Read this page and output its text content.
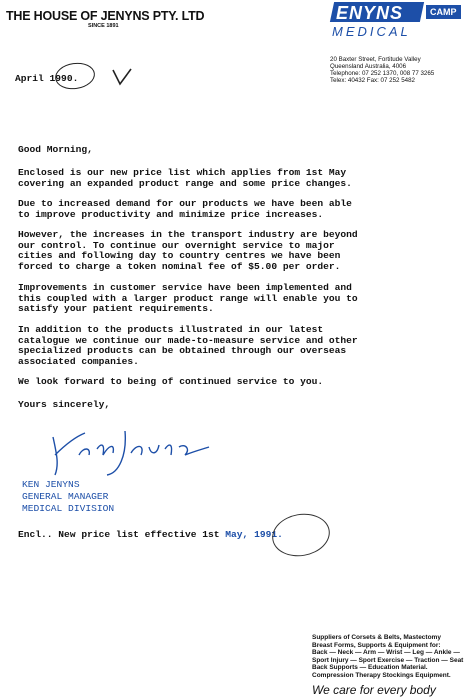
THE HOUSE OF JENYNS PTY. LTD
SINCE 1891
ENYNS	CAMP
MEDICAL
20 Baxter Street, Fortitude Valley
Queensland Australia, 4006
Telephone: 07 252 1370, 008 77 3265
Telex: 40432 Fax: 07 252 5482
April 1990.

Good Morning,

Enclosed is our new price list which applies from 1st May

covering an expanded product range and some price changes.

Due to increased demand for our products we have been able

to improve productivity and minimize price increases.

However, the increases in the transport industry are beyond

our control. To continue our overnight service to major

cities and following day to country centres we have been

forced to charge a token nominal fee of $5.00 per order.

Improvements in customer service have been implemented and

this coupled with a larger product range will enable you to

satisfy your patient requirements.

In addition to the products illustrated in our latest

catalogue we continue our made-to-measure service and other

specialized products can be obtained through our overseas

associated companies.

We look forward to being of continued service to you.

Yours sincerely,

KEN JENYNS
GENERAL MANAGER
MEDICAL DIVISION
Encl.. New price list effective 1st May, 1991.
Suppliers of Corsets & Belts, Mastectomy
Breast Forms, Supports & Equipment for:
Back — Neck — Arm — Wrist — Leg — Ankle —
Sport Injury — Sport Exercise — Traction — Seat
Back Supports — Education Material.
Compression Therapy Stockings Equipment.
We care for every body
